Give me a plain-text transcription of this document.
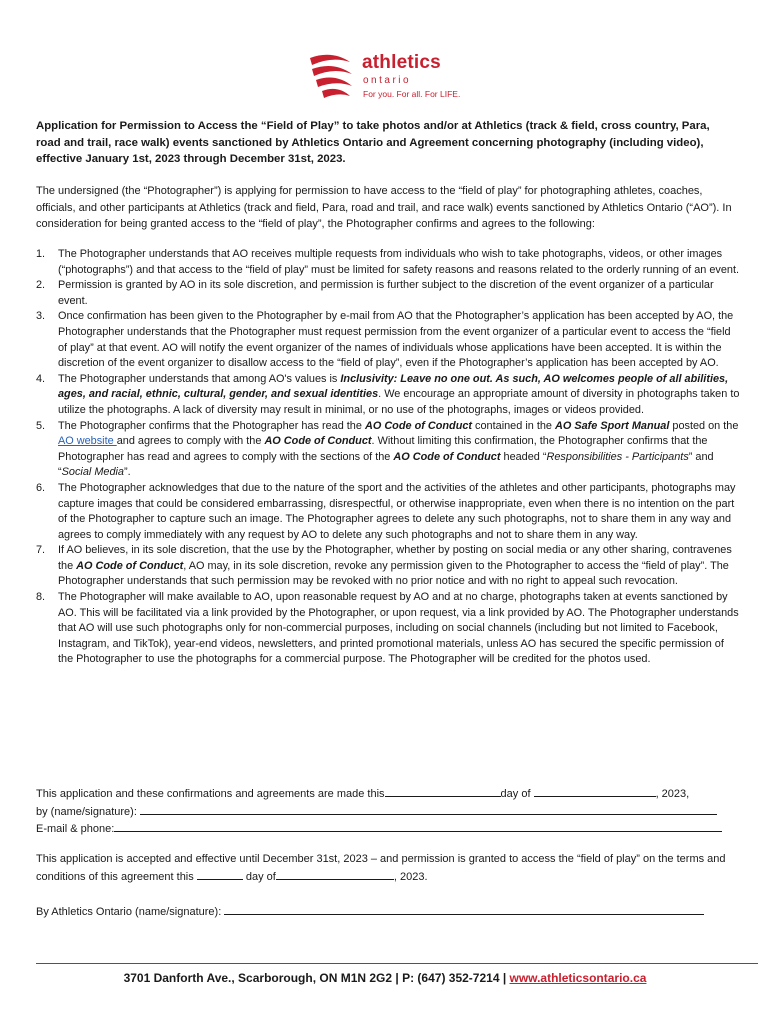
athletics
ontario
For you. For all. For LIFE.
Application for Permission to Access the “Field of Play” to take photos and/or at Athletics (track & field, cross country, Para, road and trail, race walk) events sanctioned by Athletics Ontario and Agreement concerning photography (including video), effective January 1st, 2023 through December 31st, 2023.
The undersigned (the “Photographer”) is applying for permission to have access to the “field of play” for photographing athletes, coaches, officials, and other participants at Athletics (track and field, Para, road and trail, and race walk) events sanctioned by Athletics Ontario (“AO”). In consideration for being granted access to the “field of play”, the Photographer confirms and agrees to the following:
1. The Photographer understands that AO receives multiple requests from individuals who wish to take photographs, videos, or other images (“photographs”) and that access to the “field of play” must be limited for safety reasons and reasons related to the orderly running of an event.
2. Permission is granted by AO in its sole discretion, and permission is further subject to the discretion of the event organizer of a particular event.
3. Once confirmation has been given to the Photographer by e-mail from AO that the Photographer’s application has been accepted by AO, the Photographer understands that the Photographer must request permission from the event organizer of a particular event to access the “field of play” at that event. AO will notify the event organizer of the names of individuals whose applications have been accepted. It is within the discretion of the event organizer to disallow access to the “field of play”, even if the Photographer’s application has been accepted by AO.
4. The Photographer understands that among AO's values is Inclusivity: Leave no one out. As such, AO welcomes people of all abilities, ages, and racial, ethnic, cultural, gender, and sexual identities. We encourage an appropriate amount of diversity in photographs taken to utilize the photographs. A lack of diversity may result in minimal, or no use of the photographs, images or videos provided.
5. The Photographer confirms that the Photographer has read the AO Code of Conduct contained in the AO Safe Sport Manual posted on the AO website and agrees to comply with the AO Code of Conduct. Without limiting this confirmation, the Photographer confirms that the Photographer has read and agrees to comply with the sections of the AO Code of Conduct headed “Responsibilities - Participants” and “Social Media”.
6. The Photographer acknowledges that due to the nature of the sport and the activities of the athletes and other participants, photographs may capture images that could be considered embarrassing, disrespectful, or otherwise inappropriate, even when there is no intention on the part of the Photographer to capture such an image. The Photographer agrees to delete any such photographs, not to share them in any way and agrees to comply immediately with any request by AO to delete any such photographs and not to share them in any way.
7. If AO believes, in its sole discretion, that the use by the Photographer, whether by posting on social media or any other sharing, contravenes the AO Code of Conduct, AO may, in its sole discretion, revoke any permission given to the Photographer to access the “field of play”. The Photographer understands that such permission may be revoked with no prior notice and with no right to appeal such revocation.
8. The Photographer will make available to AO, upon reasonable request by AO and at no charge, photographs taken at events sanctioned by AO. This will be facilitated via a link provided by the Photographer, or upon request, via a link provided by AO. The Photographer understands that AO will use such photographs only for non-commercial purposes, including on social channels (including but not limited to Facebook, Instagram, and TikTok), year-end videos, newsletters, and printed promotional materials, unless AO has secured the specific permission of the Photographer to use the photographs for a commercial purpose. The Photographer will be credited for the photos used.
This application and these confirmations and agreements are made this	day of	, 2023,
by (name/signature):
E-mail & phone:
This application is accepted and effective until December 31st, 2023 – and permission is granted to access the “field of play” on the terms and conditions of this agreement this	day of	, 2023.
By Athletics Ontario (name/signature):
3701 Danforth Ave., Scarborough, ON M1N 2G2 | P: (647) 352-7214 | www.athleticsontario.ca
